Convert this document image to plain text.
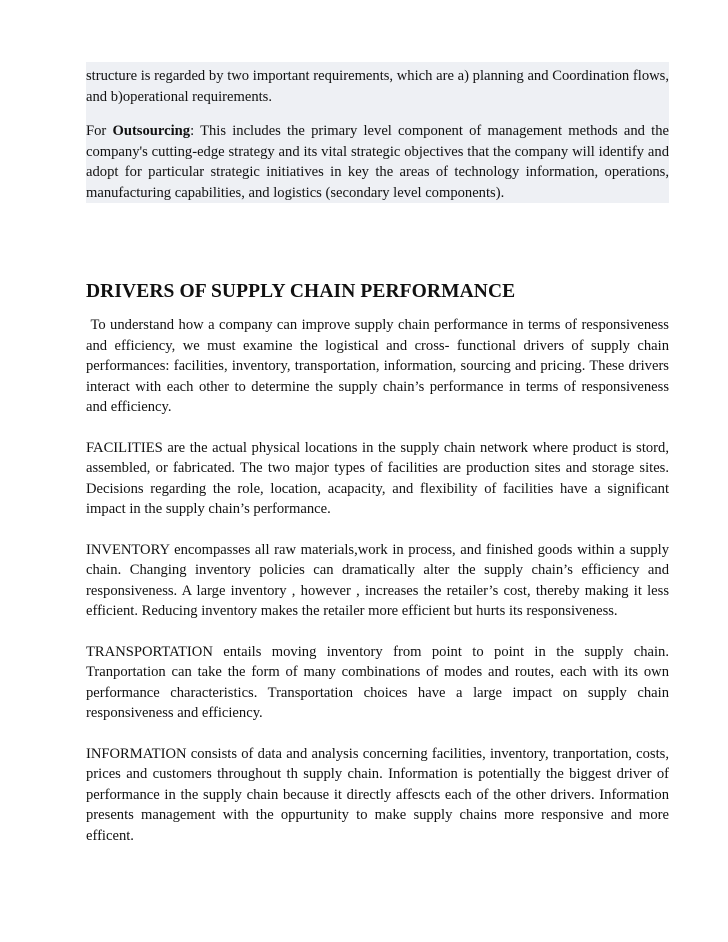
structure is regarded by two important requirements, which are a) planning and Coordination flows, and b)operational requirements.

For Outsourcing: This includes the primary level component of management methods and the company's cutting-edge strategy and its vital strategic objectives that the company will identify and adopt for particular strategic initiatives in key the areas of technology information, operations, manufacturing capabilities, and logistics (secondary level components).

DRIVERS OF SUPPLY CHAIN PERFORMANCE

To understand how a company can improve supply chain performance in terms of responsiveness and efficiency, we must examine the logistical and cross- functional drivers of supply chain performances: facilities, inventory, transportation, information, sourcing and pricing. These drivers interact with each other to determine the supply chain’s performance in terms of responsiveness and efficiency.

FACILITIES are the actual physical locations in the supply chain network where product is stord, assembled, or fabricated. The two major types of facilities are production sites and storage sites. Decisions regarding the role, location, acapacity, and flexibility of facilities have a significant impact in the supply chain’s performance.

INVENTORY encompasses all raw materials,work in process, and finished goods within a supply chain. Changing inventory policies can dramatically alter the supply chain’s efficiency and responsiveness. A large inventory , however , increases the retailer’s cost, thereby making it less efficient. Reducing inventory makes the retailer more efficient but hurts its responsiveness.

TRANSPORTATION entails moving inventory from point to point in the supply chain. Tranportation can take the form of many combinations of modes and routes, each with its own performance characteristics. Transportation choices have a large impact on supply chain responsiveness and efficiency.

INFORMATION consists of data and analysis concerning facilities, inventory, tranportation, costs, prices and customers throughout th supply chain. Information is potentially the biggest driver of performance in the supply chain because it directly affescts each of the other drivers. Information presents management with the oppurtunity to make supply chains more responsive and more efficent.
